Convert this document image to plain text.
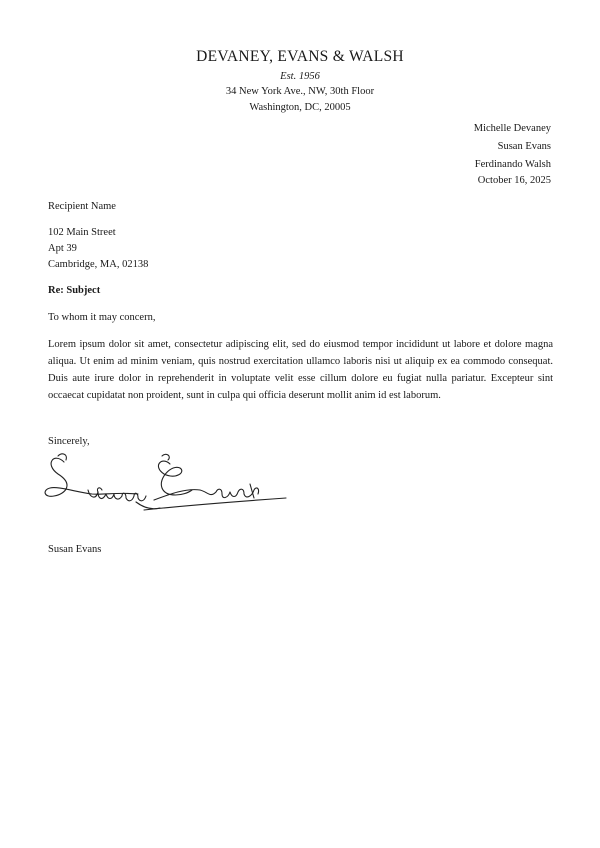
DEVANEY, EVANS & WALSH
Est. 1956
34 New York Ave., NW, 30th Floor
Washington, DC, 20005
Michelle Devaney
Susan Evans
Ferdinando Walsh
October 16, 2025
Recipient Name
102 Main Street
Apt 39
Cambridge, MA, 02138
Re: Subject
To whom it may concern,
Lorem ipsum dolor sit amet, consectetur adipiscing elit, sed do eiusmod tempor incididunt ut labore et dolore magna aliqua. Ut enim ad minim veniam, quis nostrud exercitation ullamco laboris nisi ut aliquip ex ea commodo consequat. Duis aute irure dolor in reprehenderit in voluptate velit esse cillum dolore eu fugiat nulla pariatur. Excepteur sint occaecat cupidatat non proident, sunt in culpa qui officia deserunt mollit anim id est laborum.
Sincerely,
Susan Evans
